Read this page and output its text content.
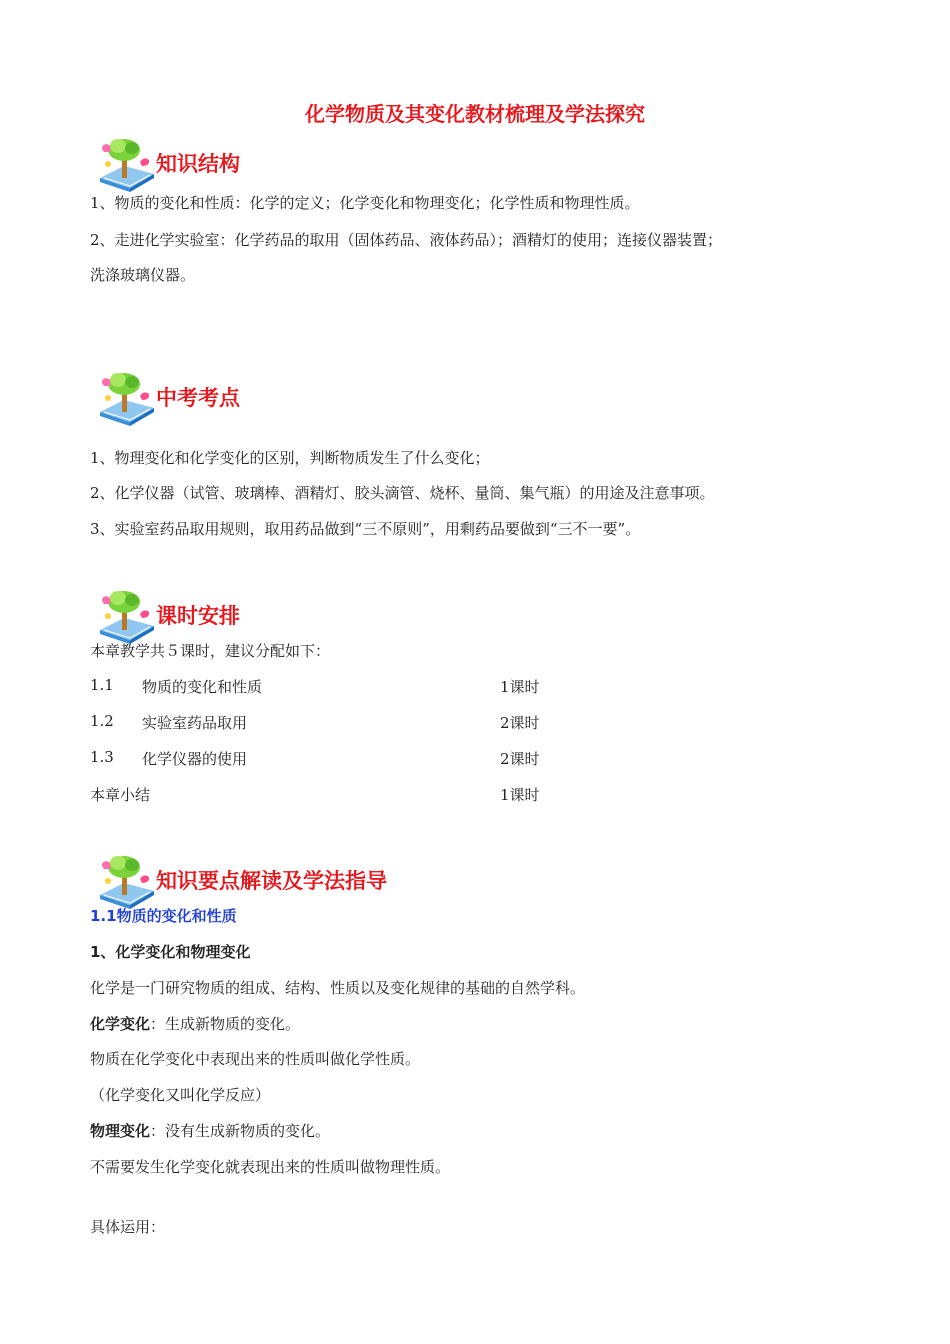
化学物质及其变化教材梳理及学法探究
知识结构
1、物质的变化和性质：化学的定义；化学变化和物理变化；化学性质和物理性质。
2、走进化学实验室：化学药品的取用（固体药品、液体药品）；酒精灯的使用；连接仪器装置；
洗涤玻璃仪器。
中考考点
1、物理变化和化学变化的区别，判断物质发生了什么变化；
2、化学仪器（试管、玻璃棒、酒精灯、胶头滴管、烧杯、量筒、集气瓶）的用途及注意事项。
3、实验室药品取用规则，取用药品做到“三不原则”，用剩药品要做到“三不一要”。
课时安排
本章教学共５课时，建议分配如下：
1.1 物质的变化和性质	1课时
1.2 实验室药品取用	2课时
1.3 化学仪器的使用	2课时
本章小结	1课时
知识要点解读及学法指导
1.1物质的变化和性质
1、化学变化和物理变化
化学是一门研究物质的组成、结构、性质以及变化规律的基础的自然学科。
化学变化：生成新物质的变化。
物质在化学变化中表现出来的性质叫做化学性质。
（化学变化又叫化学反应）
物理变化：没有生成新物质的变化。
不需要发生化学变化就表现出来的性质叫做物理性质。
具体运用：
